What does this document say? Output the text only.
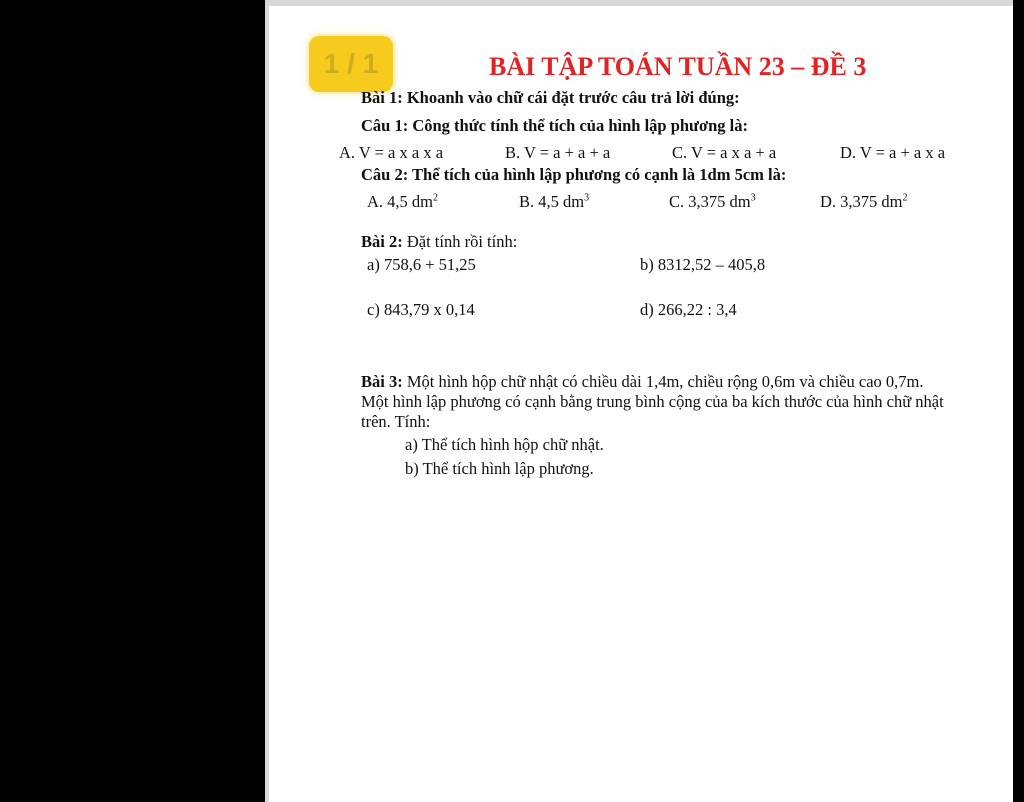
1 / 1	BÀI TẬP TOÁN TUẦN 23 – ĐỀ 3
Bài 1: Khoanh vào chữ cái đặt trước câu trả lời đúng:
Câu 1: Công thức tính thể tích của hình lập phương là:
A. V = a x a x a	B. V = a + a + a	C. V = a x a + a	D. V = a + a x a
Câu 2: Thể tích của hình lập phương có cạnh là 1dm 5cm là:
A. 4,5 $dm^2$	B. 4,5 $dm^3$	C. 3,375 $dm^3$	D. 3,375 $dm^2$
Bài 2: Đặt tính rồi tính:
a) 758,6 + 51,25	b) 8312,52 – 405,8
c) 843,79 x 0,14	d) 266,22 : 3,4
Bài 3: Một hình hộp chữ nhật có chiều dài 1,4m, chiều rộng 0,6m và chiều cao 0,7m.
Một hình lập phương có cạnh bằng trung bình cộng của ba kích thước của hình chữ nhật
trên. Tính:
a) Thể tích hình hộp chữ nhật.
b) Thể tích hình lập phương.
